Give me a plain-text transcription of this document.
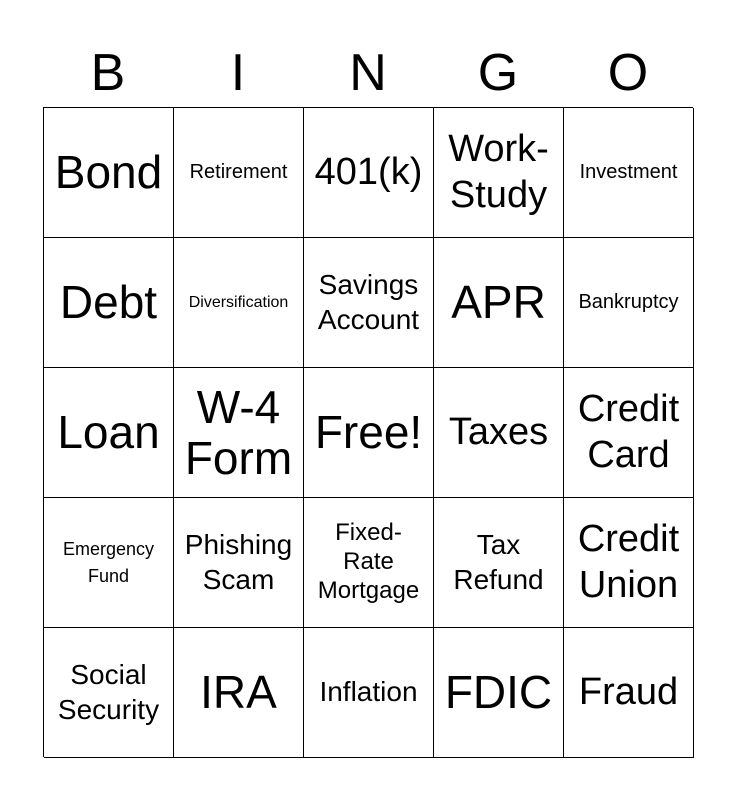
B	I	N	G	O
Bond Retirement 401(k)
Work-
Study
Investment
Debt Diversification
Savings
Account APR Bankruptcy
Loan W-4
Form Free! Taxes
Credit
Card
Emergency
Fund
Phishing
Scam
Fixed-
Rate
Mortgage
Tax
Refund
Credit
Union
Social
Security IRA Inflation FDIC Fraud
